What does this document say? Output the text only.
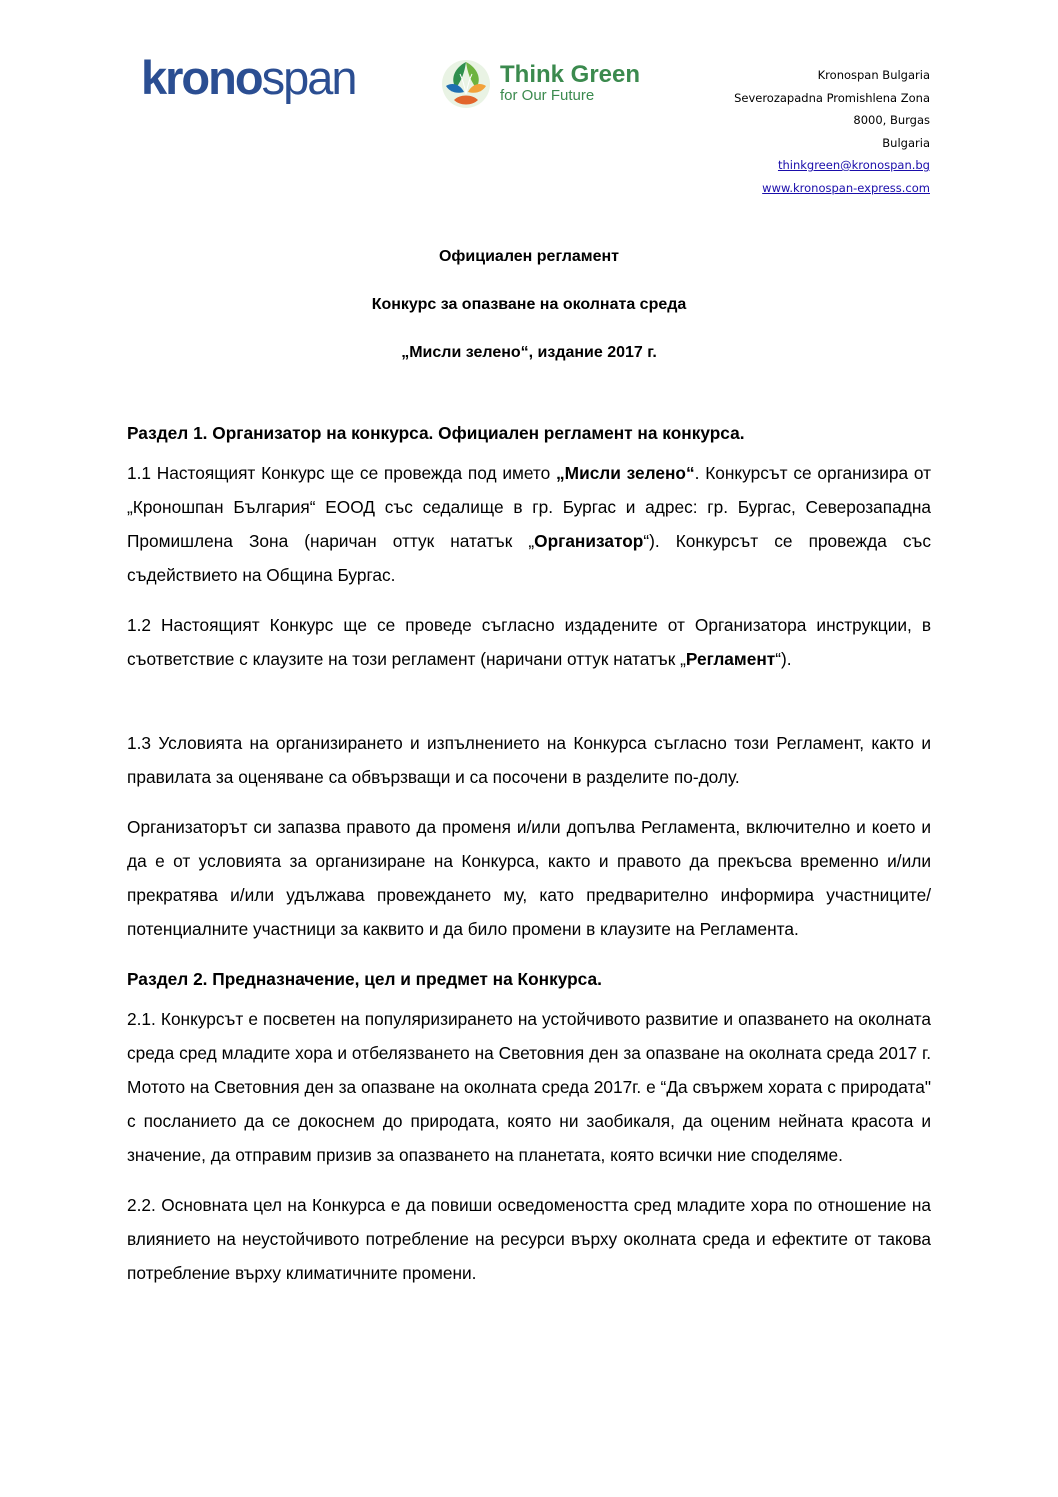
kronospan	Think Green
for Our Future
Kronospan Bulgaria
Severozapadna Promishlena Zona
8000, Burgas
Bulgaria
thinkgreen@kronospan.bg
www.kronospan-express.com
Официален регламент
Конкурс за опазване на околната среда
„Мисли зелено“, издание 2017 г.

Раздел 1. Организатор на конкурса. Официален регламент на конкурса.

1.1 Настоящият Конкурс ще се провежда под името „Мисли зелено“. Конкурсът се организира от „Кроношпан България“ ЕООД със седалище в гр. Бургас и адрес: гр. Бургас, Северозападна Промишлена Зона (наричан оттук нататък „Организатор“). Конкурсът се провежда със съдействието на Община Бургас.

1.2 Настоящият Конкурс ще се проведе съгласно издадените от Организатора инструкции, в съответствие с клаузите на този регламент (наричани оттук нататък „Регламент“).

1.3 Условията на организирането и изпълнението на Конкурса съгласно този Регламент, както и правилата за оценяване са обвързващи и са посочени в разделите по-долу.

Организаторът си запазва правото да променя и/или допълва Регламента, включително и което и да е от условията за организиране на Конкурса, както и правото да прекъсва временно и/или прекратява и/или удължава провеждането му, като предварително информира участниците/потенциалните участници за каквито и да било промени в клаузите на Регламента.

Раздел 2. Предназначение, цел и предмет на Конкурса.

2.1. Конкурсът е посветен на популяризирането на устойчивото развитие и опазването на околната среда сред младите хора и отбелязването на Световния ден за опазване на околната среда 2017 г. Мотото на Световния ден за опазване на околната среда 2017г. е “Да свържем хората с природата" с посланието да се докоснем до природата, която ни заобикаля, да оценим нейната красота и значение, да отправим призив за опазването на планетата, която всички ние споделяме.

2.2. Основната цел на Конкурса е да повиши осведомеността сред младите хора по отношение на влиянието на неустойчивото потребление на ресурси върху околната среда и ефектите от такова потребление върху климатичните промени.
